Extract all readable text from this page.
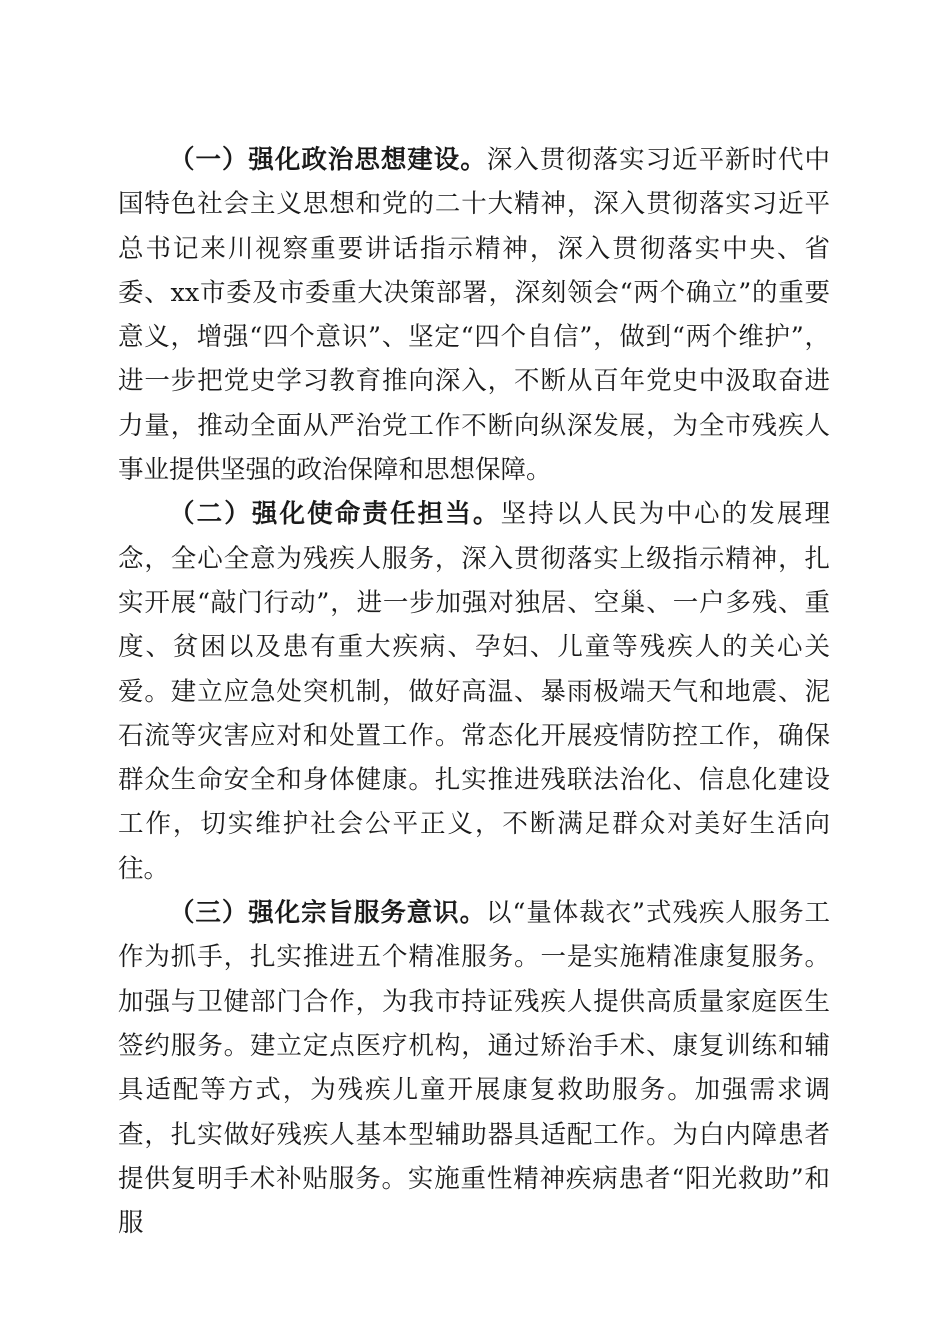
（一）强化政治思想建设。深入贯彻落实习近平新时代中国特色社会主义思想和党的二十大精神，深入贯彻落实习近平总书记来川视察重要讲话指示精神，深入贯彻落实中央、省委、xx市委及市委重大决策部署，深刻领会“两个确立”的重要意义，增强“四个意识”、坚定“四个自信”，做到“两个维护”，进一步把党史学习教育推向深入，不断从百年党史中汲取奋进力量，推动全面从严治党工作不断向纵深发展，为全市残疾人事业提供坚强的政治保障和思想保障。

（二）强化使命责任担当。坚持以人民为中心的发展理念，全心全意为残疾人服务，深入贯彻落实上级指示精神，扎实开展“敲门行动”，进一步加强对独居、空巢、一户多残、重度、贫困以及患有重大疾病、孕妇、儿童等残疾人的关心关爱。建立应急处突机制，做好高温、暴雨极端天气和地震、泥石流等灾害应对和处置工作。常态化开展疫情防控工作，确保群众生命安全和身体健康。扎实推进残联法治化、信息化建设工作，切实维护社会公平正义，不断满足群众对美好生活向往。

（三）强化宗旨服务意识。以“量体裁衣”式残疾人服务工作为抓手，扎实推进五个精准服务。一是实施精准康复服务。加强与卫健部门合作，为我市持证残疾人提供高质量家庭医生签约服务。建立定点医疗机构，通过矫治手术、康复训练和辅具适配等方式，为残疾儿童开展康复救助服务。加强需求调查，扎实做好残疾人基本型辅助器具适配工作。为白内障患者提供复明手术补贴服务。实施重性精神疾病患者“阳光救助”和服
